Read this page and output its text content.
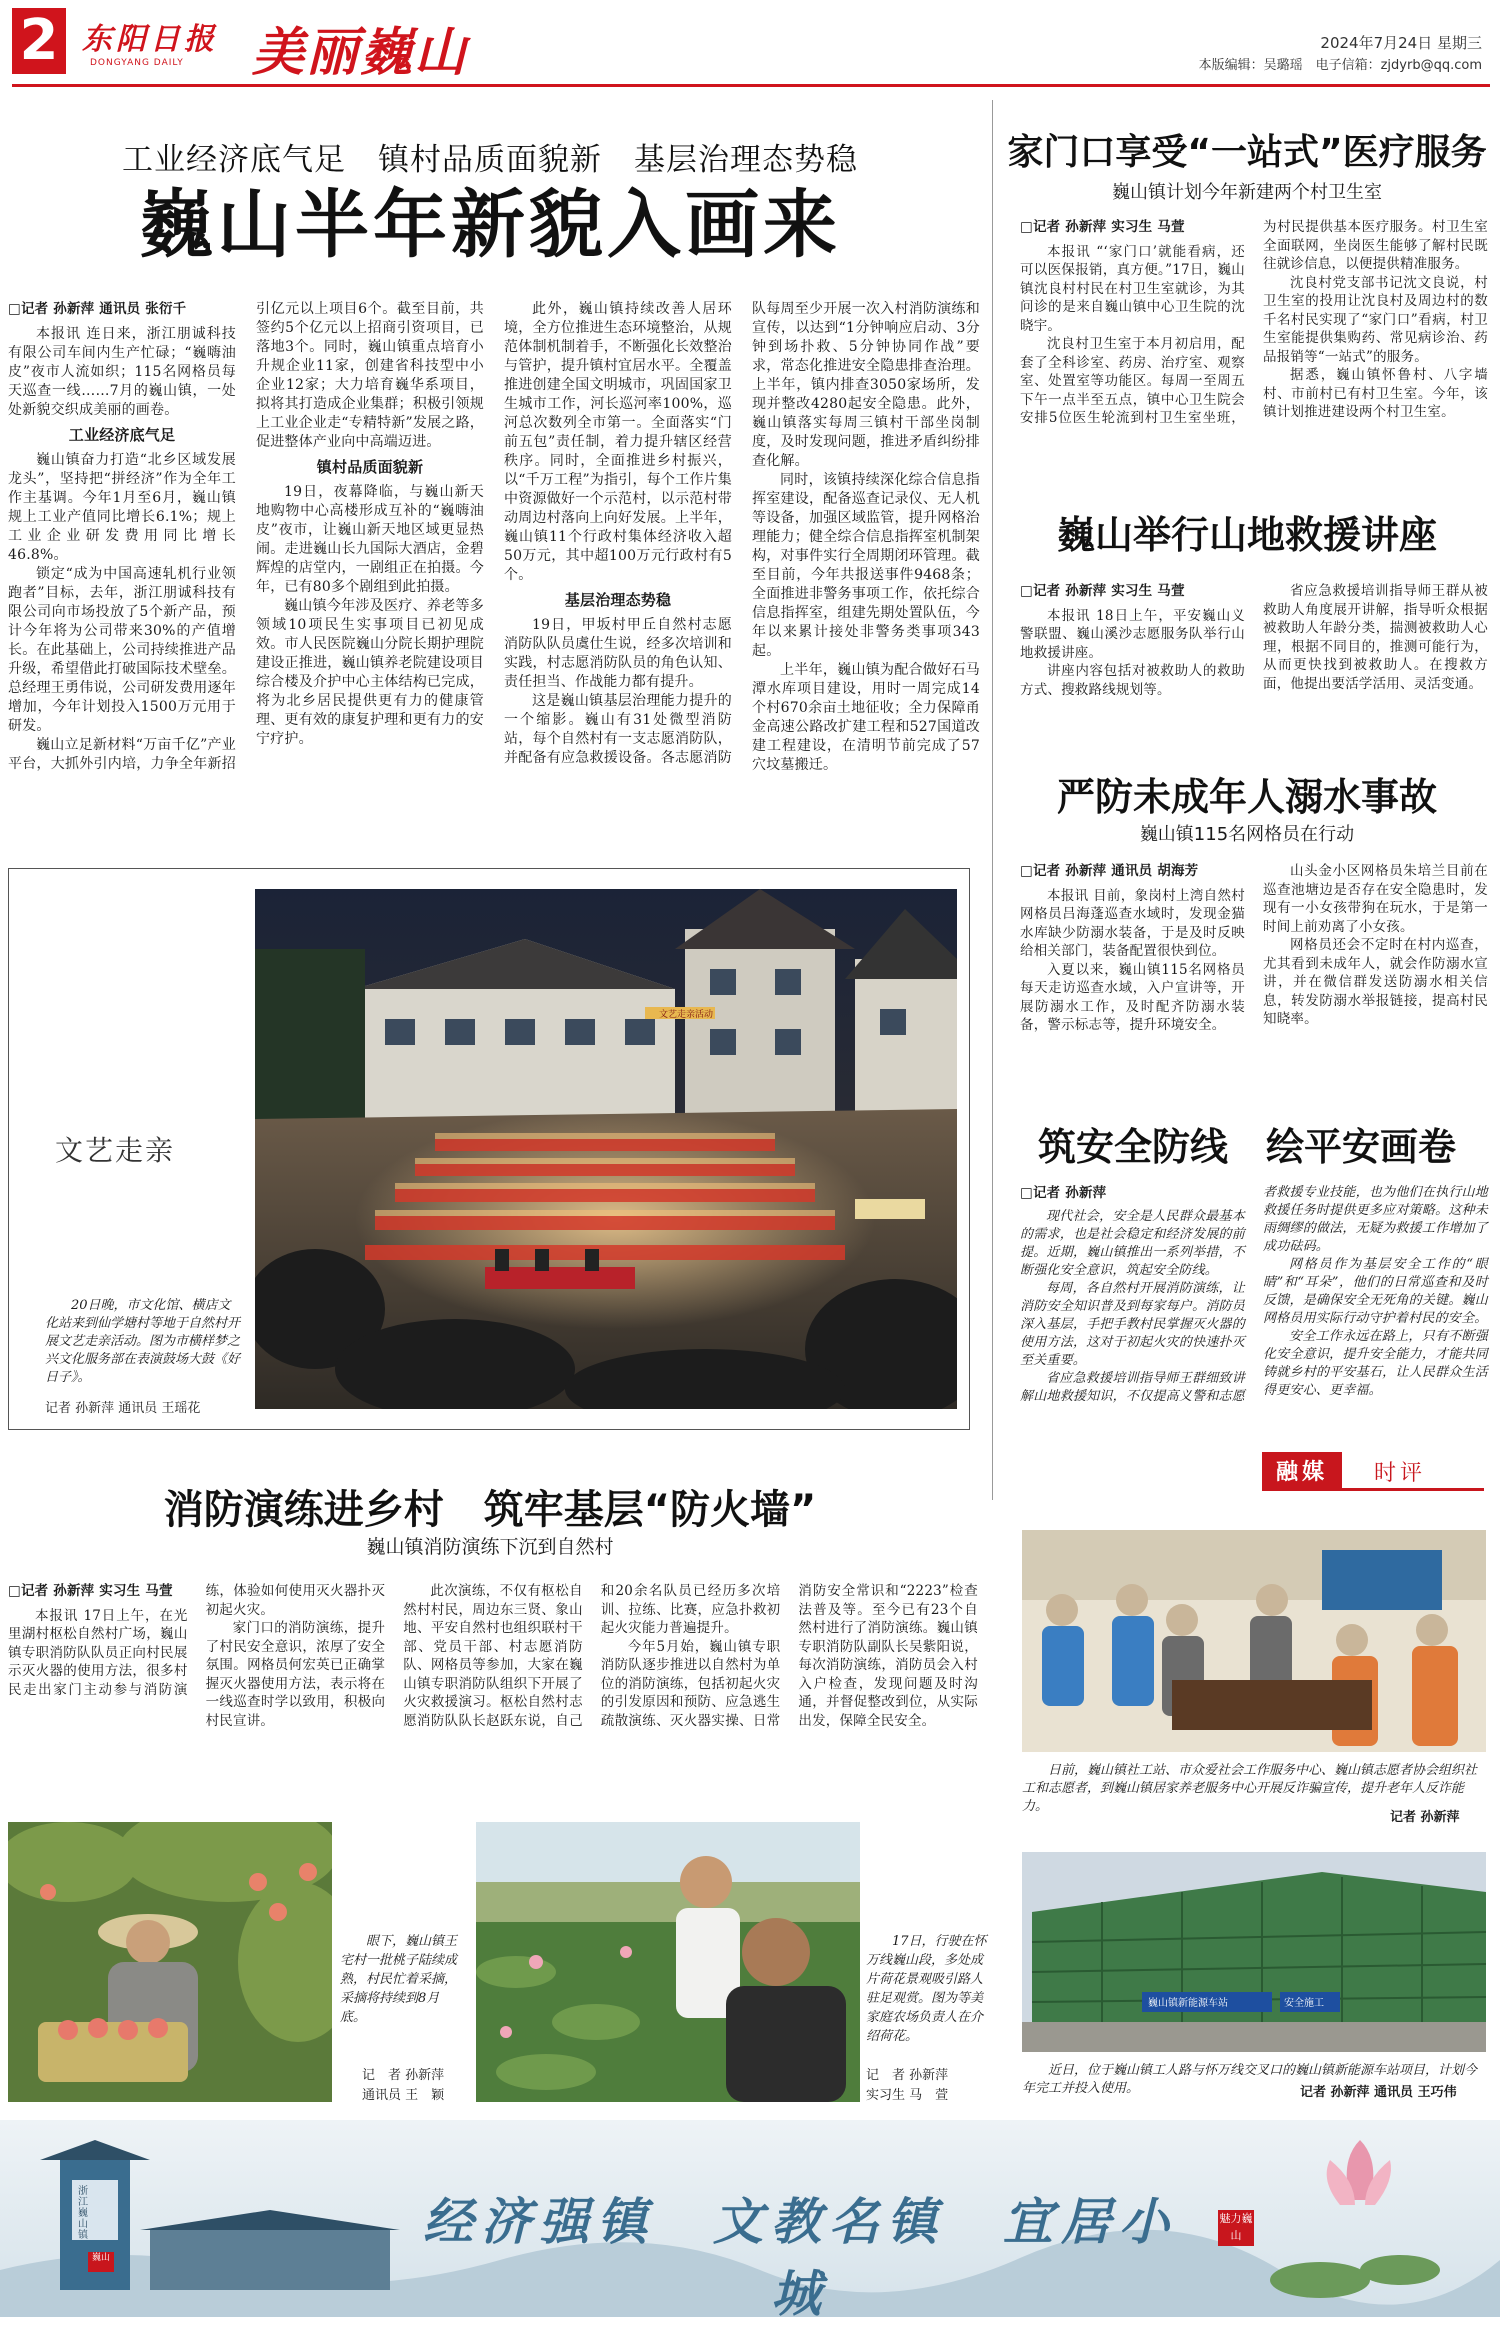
2 东阳日报
DONGYANG DAILY 美丽巍山	2024年7月24日 星期三
本版编辑：吴璐瑶　电子信箱：zjdyrb@qq.com
工业经济底气足　镇村品质面貌新　基层治理态势稳
巍山半年新貌入画来
□记者 孙新萍 通讯员 张衍千

本报讯 连日来，浙江朋诚科技有限公司车间内生产忙碌；“巍嗨油皮”夜市人流如织；115名网格员每天巡查一线……7月的巍山镇，一处处新貌交织成美丽的画卷。

工业经济底气足

巍山镇奋力打造“北乡区域发展龙头”，坚持把“拼经济”作为全年工作主基调。今年1月至6月，巍山镇规上工业产值同比增长6.1%；规上工业企业研发费用同比增长46.8%。

锁定“成为中国高速轧机行业领跑者”目标，去年，浙江朋诚科技有限公司向市场投放了5个新产品，预计今年将为公司带来30%的产值增长。在此基础上，公司持续推进产品升级，希望借此打破国际技术壁垒。总经理王勇伟说，公司研发费用逐年增加，今年计划投入1500万元用于研发。

巍山立足新材料“万亩千亿”产业平台，大抓外引内培，力争全年新招引亿元以上项目6个。截至目前，共签约5个亿元以上招商引资项目，已落地3个。同时，巍山镇重点培育小升规企业11家，创建省科技型中小企业12家；大力培育巍华系项目，拟将其打造成企业集群；积极引领规上工业企业走“专精特新”发展之路，促进整体产业向中高端迈进。

镇村品质面貌新

19日，夜幕降临，与巍山新天地购物中心高楼形成互补的“巍嗨油皮”夜市，让巍山新天地区域更显热闹。走进巍山长九国际大酒店，金碧辉煌的店堂内，一剧组正在拍摄。今年，已有80多个剧组到此拍摄。

巍山镇今年涉及医疗、养老等多领域10项民生实事项目已初见成效。市人民医院巍山分院长期护理院建设正推进，巍山镇养老院建设项目综合楼及介护中心主体结构已完成，将为北乡居民提供更有力的健康管理、更有效的康复护理和更有力的安宁疗护。

此外，巍山镇持续改善人居环境，全方位推进生态环境整治，从规范体制机制着手，不断强化长效整治与管护，提升镇村宜居水平。全覆盖推进创建全国文明城市，巩固国家卫生城市工作，河长巡河率100%，巡河总次数列全市第一。全面落实“门前五包”责任制，着力提升辖区经营秩序。同时，全面推进乡村振兴，以“千万工程”为指引，每个工作片集中资源做好一个示范村，以示范村带动周边村落向上向好发展。上半年，巍山镇11个行政村集体经济收入超50万元，其中超100万元行政村有5个。

基层治理态势稳

19日，甲坂村甲丘自然村志愿消防队队员虞仕生说，经多次培训和实践，村志愿消防队员的角色认知、责任担当、作战能力都有提升。

这是巍山镇基层治理能力提升的一个缩影。巍山有31处微型消防站，每个自然村有一支志愿消防队，并配备有应急救援设备。各志愿消防队每周至少开展一次入村消防演练和宣传，以达到“1分钟响应启动、3分钟到场扑救、5分钟协同作战”要求，常态化推进安全隐患排查治理。上半年，镇内排查3050家场所，发现并整改4280起安全隐患。此外，巍山镇落实每周三镇村干部坐岗制度，及时发现问题，推进矛盾纠纷排查化解。

同时，该镇持续深化综合信息指挥室建设，配备巡查记录仪、无人机等设备，加强区域监管，提升网格治理能力；健全综合信息指挥室机制架构，对事件实行全周期闭环管理。截至目前，今年共报送事件9468条；全面推进非警务事项工作，依托综合信息指挥室，组建先期处置队伍，今年以来累计接处非警务类事项343起。

上半年，巍山镇为配合做好石马潭水库项目建设，用时一周完成14个村670余亩土地征收；全力保障甬金高速公路改扩建工程和527国道改建工程建设，在清明节前完成了57穴坟墓搬迁。

家门口享受“一站式”医疗服务
巍山镇计划今年新建两个村卫生室
□记者 孙新萍 实习生 马萱

本报讯 “‘家门口’就能看病，还可以医保报销，真方便。”17日，巍山镇沈良村村民在村卫生室就诊，为其问诊的是来自巍山镇中心卫生院的沈晓宇。

沈良村卫生室于本月初启用，配套了全科诊室、药房、治疗室、观察室、处置室等功能区。每周一至周五下午一点半至五点，镇中心卫生院会安排5位医生轮流到村卫生室坐班，为村民提供基本医疗服务。村卫生室全面联网，坐岗医生能够了解村民既往就诊信息，以便提供精准服务。

沈良村党支部书记沈文良说，村卫生室的投用让沈良村及周边村的数千名村民实现了“家门口”看病，村卫生室能提供集购药、常见病诊治、药品报销等“一站式”的服务。

据悉，巍山镇怀鲁村、八字墙村、市前村已有村卫生室。今年，该镇计划推进建设两个村卫生室。

巍山举行山地救援讲座
□记者 孙新萍 实习生 马萱

本报讯 18日上午，平安巍山义警联盟、巍山溪沙志愿服务队举行山地救援讲座。

讲座内容包括对被救助人的救助方式、搜救路线规划等。

省应急救援培训指导师王群从被救助人角度展开讲解，指导听众根据被救助人年龄分类，揣测被救助人心理，根据不同目的，推测可能行为，从而更快找到被救助人。在搜救方面，他提出要活学活用、灵活变通。

严防未成年人溺水事故
巍山镇115名网格员在行动
□记者 孙新萍 通讯员 胡海芳

本报讯 目前，象岗村上湾自然村网格员吕海蓬巡查水域时，发现金猫水库缺少防溺水装备，于是及时反映给相关部门，装备配置很快到位。

入夏以来，巍山镇115名网格员每天走访巡查水域，入户宣讲等，开展防溺水工作，及时配齐防溺水装备，警示标志等，提升环境安全。

山头金小区网格员朱培兰目前在巡查池塘边是否存在安全隐患时，发现有一小女孩带狗在玩水，于是第一时间上前劝离了小女孩。

网格员还会不定时在村内巡查，尤其看到未成年人，就会作防溺水宣讲，并在微信群发送防溺水相关信息，转发防溺水举报链接，提高村民知晓率。

筑安全防线　绘平安画卷
□记者 孙新萍

现代社会，安全是人民群众最基本的需求，也是社会稳定和经济发展的前提。近期，巍山镇推出一系列举措，不断强化安全意识，筑起安全防线。

每周，各自然村开展消防演练，让消防安全知识普及到每家每户。消防员深入基层，手把手教村民掌握灭火器的使用方法，这对于初起火灾的快速扑灭至关重要。

省应急救援培训指导师王群细致讲解山地救援知识，不仅提高义警和志愿者救援专业技能，也为他们在执行山地救援任务时提供更多应对策略。这种未雨绸缪的做法，无疑为救援工作增加了成功砝码。

网格员作为基层安全工作的“眼睛”和“耳朵”，他们的日常巡查和及时反馈，是确保安全无死角的关键。巍山网格员用实际行动守护着村民的安全。

安全工作永远在路上，只有不断强化安全意识，提升安全能力，才能共同铸就乡村的平安基石，让人民群众生活得更安心、更幸福。

融媒	时评
文艺走亲
20日晚，市文化馆、横店文化站来到仙学塘村等地于自然村开展文艺走亲活动。图为市横样梦之兴文化服务部在表演鼓场大鼓《好日子》。
记者 孙新萍 通讯员 王瑶花
文艺走亲活动
消防演练进乡村　筑牢基层“防火墙”
巍山镇消防演练下沉到自然村
□记者 孙新萍 实习生 马萱

本报讯 17日上午，在光里湖村枢松自然村广场，巍山镇专职消防队队员正向村民展示灭火器的使用方法，很多村民走出家门主动参与消防演练，体验如何使用灭火器扑灭初起火灾。

家门口的消防演练，提升了村民安全意识，浓厚了安全氛围。网格员何宏英已正确掌握灭火器使用方法，表示将在一线巡查时学以致用，积极向村民宣讲。

此次演练，不仅有枢松自然村村民，周边东三贤、象山地、平安自然村也组织联村干部、党员干部、村志愿消防队、网格员等参加，大家在巍山镇专职消防队组织下开展了火灾救援演习。枢松自然村志愿消防队队长赵跃东说，自己和20余名队员已经历多次培训、拉练、比赛，应急扑救初起火灾能力普遍提升。

今年5月始，巍山镇专职消防队逐步推进以自然村为单位的消防演练，包括初起火灾的引发原因和预防、应急逃生疏散演练、灭火器实操、日常消防安全常识和“2223”检查法普及等。至今已有23个自然村进行了消防演练。巍山镇专职消防队副队长吴紫阳说，每次消防演练，消防员会入村入户检查，发现问题及时沟通，并督促整改到位，从实际出发，保障全民安全。

日前，巍山镇社工站、市众爱社会工作服务中心、巍山镇志愿者协会组织社工和志愿者，到巍山镇居家养老服务中心开展反诈骗宣传，提升老年人反诈能力。
记者 孙新萍
眼下，巍山镇王宅村一批桃子陆续成熟，村民忙着采摘，采摘将持续到8月底。
记　者 孙新萍
通讯员 王　颖
17日，行驶在怀万线巍山段，多处成片荷花景观吸引路人驻足观赏。图为等美家庭农场负责人在介绍荷花。
记　者 孙新萍
实习生 马　萱
巍山镇新能源车站	安全施工
近日，位于巍山镇工人路与怀万线交叉口的巍山镇新能源车站项目，计划今年完工并投入使用。	记者 孙新萍 通讯员 王巧伟
浙江巍山镇
巍山
经济强镇　文教名镇　宜居小城
魅力巍山
